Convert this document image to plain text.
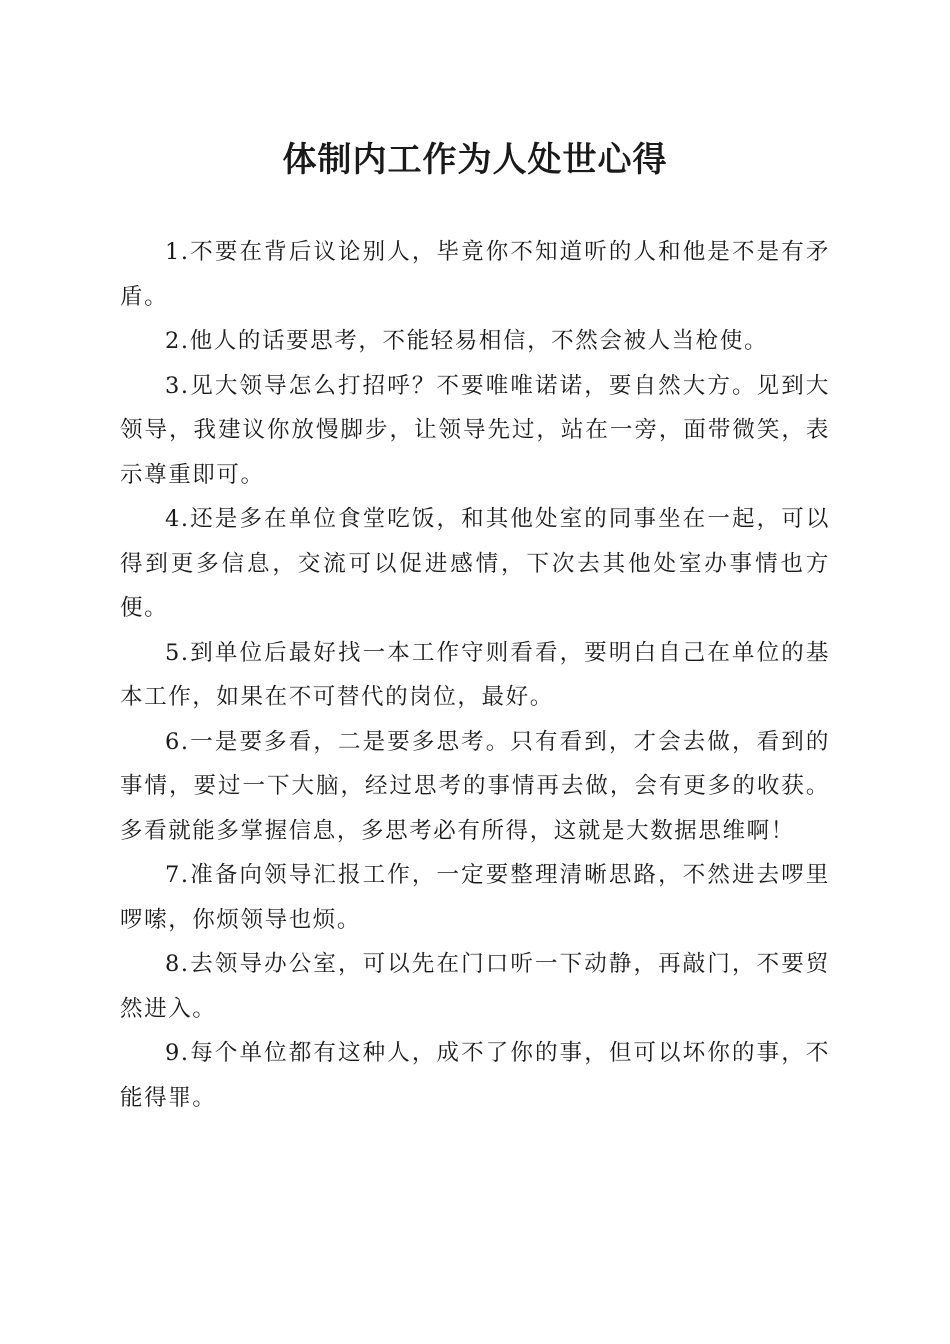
体制内工作为人处世心得

1.不要在背后议论别人，毕竟你不知道听的人和他是不是有矛盾。

2.他人的话要思考，不能轻易相信，不然会被人当枪使。

3.见大领导怎么打招呼？不要唯唯诺诺，要自然大方。见到大领导，我建议你放慢脚步，让领导先过，站在一旁，面带微笑，表示尊重即可。

4.还是多在单位食堂吃饭，和其他处室的同事坐在一起，可以得到更多信息，交流可以促进感情，下次去其他处室办事情也方便。

5.到单位后最好找一本工作守则看看，要明白自己在单位的基本工作，如果在不可替代的岗位，最好。

6.一是要多看，二是要多思考。只有看到，才会去做，看到的事情，要过一下大脑，经过思考的事情再去做，会有更多的收获。多看就能多掌握信息，多思考必有所得，这就是大数据思维啊！

7.准备向领导汇报工作，一定要整理清晰思路，不然进去啰里啰嗦，你烦领导也烦。

8.去领导办公室，可以先在门口听一下动静，再敲门，不要贸然进入。

9.每个单位都有这种人，成不了你的事，但可以坏你的事，不能得罪。
